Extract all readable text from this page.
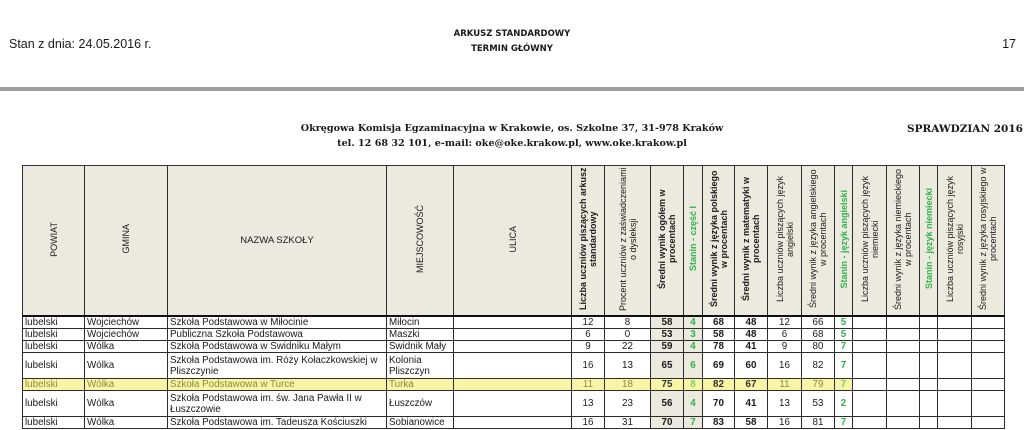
Stan z dnia: 24.05.2016 r.
ARKUSZ STANDARDOWY
TERMIN GŁÓWNY	17
Okręgowa Komisja Egzaminacyjna w Krakowie, os. Szkolne 37, 31-978 Kraków
tel. 12 68 32 101, e-mail: oke@oke.krakow.pl, www.oke.krakow.pl
SPRAWDZIAN 2016
POWIAT	GMINA	NAZWA SZKOŁY	MIEJSCOWOŚĆ	ULICA	Liczba uczniów piszących arkusz standardowy	Procent uczniów z zaświadczeniami o dysleksji	Średni wynik ogółem w procentach	Stanin - część I	Średni wynik z języka polskiego w procentach	Średni wynik z matematyki w procentach	Liczba uczniów piszących język angielski	Średni wynik z języka angielskiego w procentach	Stanin - język angielski	Liczba uczniów piszących język niemiecki	Średni wynik z języka niemieckiego w procentach	Stanin - język niemiecki	Liczba uczniów piszących język rosyjski	Średni wynik z języka rosyjskiego w procentach
lubelski	Wojciechów	Szkoła Podstawowa w Miłocinie	Miłocin		12	8	58	4	68	48	12	66	5					
lubelski	Wojciechów	Publiczna Szkoła Podstawowa	Maszki		6	0	53	3	58	48	6	68	5					
lubelski	Wólka	Szkoła Podstawowa w Świdniku Małym	Świdnik Mały		9	22	59	4	78	41	9	80	7					
lubelski	Wólka	Szkoła Podstawowa im. Róży Kołaczkowskiej w Pliszczynie	Kolonia Pliszczyn		16	13	65	6	69	60	16	82	7					
lubelski	Wólka	Szkoła Podstawowa w Turce	Turka		11	18	75	8	82	67	11	79	7					
lubelski	Wólka	Szkoła Podstawowa im. św. Jana Pawła II w Łuszczowie	Łuszczów		13	23	56	4	70	41	13	53	2					
lubelski	Wólka	Szkoła Podstawowa im. Tadeusza Kościuszki	Sobianowice		16	31	70	7	83	58	16	81	7					
